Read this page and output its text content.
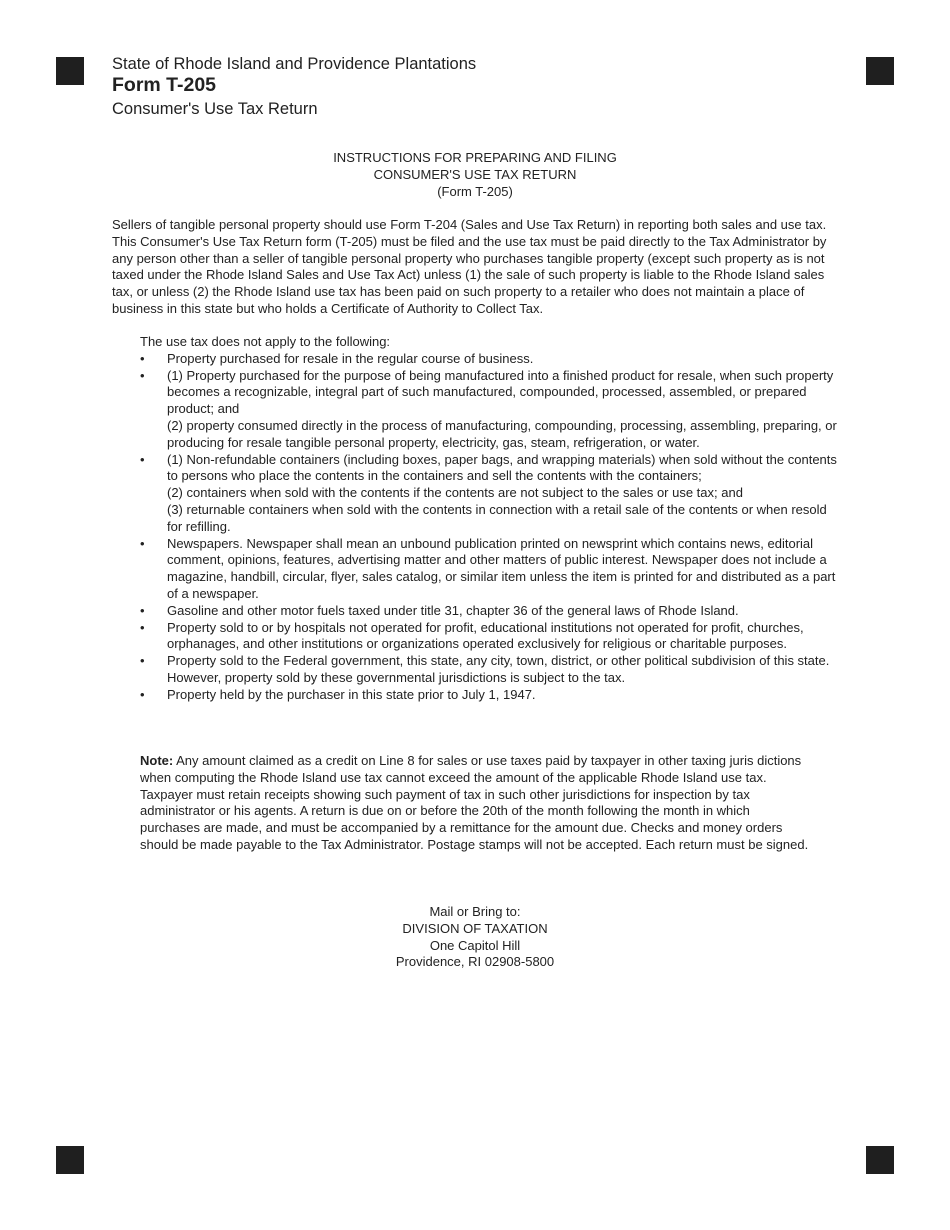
State of Rhode Island and Providence Plantations
Form T-205
Consumer's Use Tax Return
INSTRUCTIONS FOR PREPARING AND FILING
CONSUMER'S USE TAX RETURN
(Form T-205)

Sellers of tangible personal property should use Form T-204 (Sales and Use Tax Return) in reporting both sales and use tax. This Consumer's Use Tax Return form (T-205) must be filed and the use tax must be paid directly to the Tax Administrator by any person other than a seller of tangible personal property who purchases tangible property (except such property as is not taxed under the Rhode Island Sales and Use Tax Act) unless (1) the sale of such property is liable to the Rhode Island sales tax, or unless (2) the Rhode Island use tax has been paid on such property to a retailer who does not maintain a place of business in this state but who holds a Certificate of Authority to Collect Tax.

The use tax does not apply to the following:
• Property purchased for resale in the regular course of business.
• (1) Property purchased for the purpose of being manufactured into a finished product for resale, when such property becomes a recognizable, integral part of such manufactured, compounded, processed, assembled, or prepared product; and
(2) property consumed directly in the process of manufacturing, compounding, processing, assembling, preparing, or producing for resale tangible personal property, electricity, gas, steam, refrigeration, or water.
• (1) Non-refundable containers (including boxes, paper bags, and wrapping materials) when sold without the contents to persons who place the contents in the containers and sell the contents with the containers;
(2) containers when sold with the contents if the contents are not subject to the sales or use tax; and
(3) returnable containers when sold with the contents in connection with a retail sale of the contents or when resold for refilling.
• Newspapers. Newspaper shall mean an unbound publication printed on newsprint which contains news, editorial comment, opinions, features, advertising matter and other matters of public interest. Newspaper does not include a magazine, handbill, circular, flyer, sales catalog, or similar item unless the item is printed for and distributed as a part of a newspaper.
• Gasoline and other motor fuels taxed under title 31, chapter 36 of the general laws of Rhode Island.
• Property sold to or by hospitals not operated for profit, educational institutions not operated for profit, churches, orphanages, and other institutions or organizations operated exclusively for religious or charitable purposes.
• Property sold to the Federal government, this state, any city, town, district, or other political subdivision of this state. However, property sold by these governmental jurisdictions is subject to the tax.
• Property held by the purchaser in this state prior to July 1, 1947.

Note: Any amount claimed as a credit on Line 8 for sales or use taxes paid by taxpayer in other taxing juris dictions when computing the Rhode Island use tax cannot exceed the amount of the applicable Rhode Island use tax. Taxpayer must retain receipts showing such payment of tax in such other jurisdictions for inspection by tax administrator or his agents. A return is due on or before the 20th of the month following the month in which purchases are made, and must be accompanied by a remittance for the amount due. Checks and money orders should be made payable to the Tax Administrator. Postage stamps will not be accepted. Each return must be signed.

Mail or Bring to:
DIVISION OF TAXATION
One Capitol Hill
Providence, RI 02908-5800
